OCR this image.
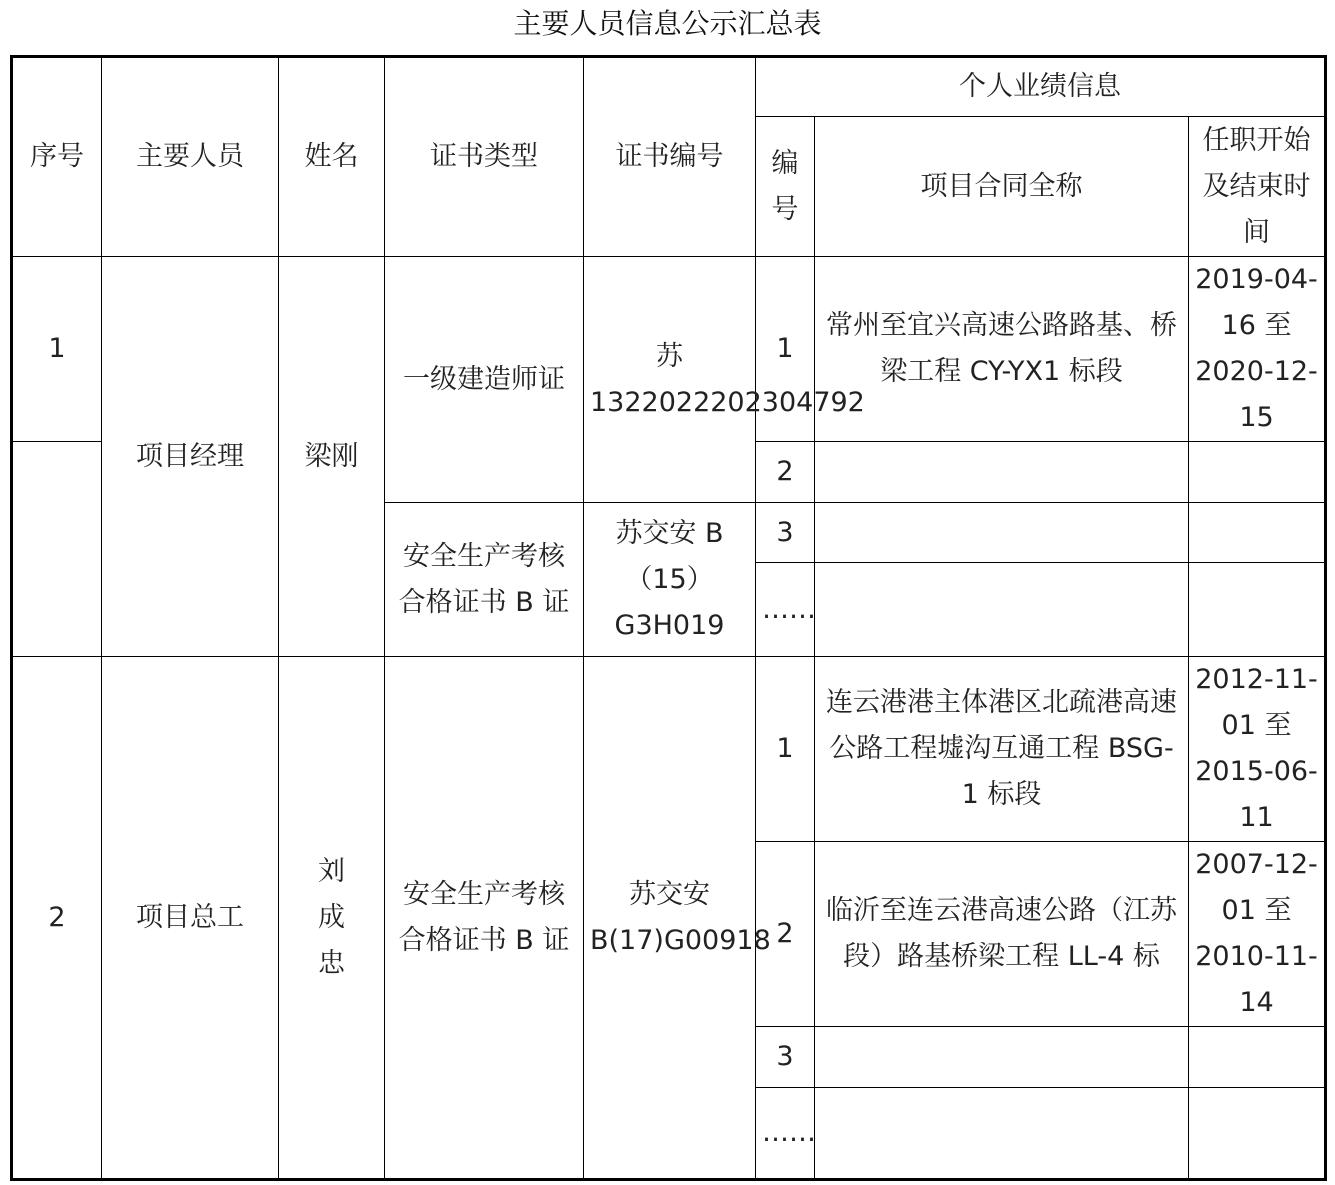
主要人员信息公示汇总表
序号	主要人员	姓名	证书类型	证书编号	个人业绩信息		
					编号	项目合同全称	任职开始及结束时间
1	项目经理	梁刚	一级建造师证	苏 1322022202304792	1	常州至宜兴高速公路路基、桥梁工程 CY-YX1 标段	2019-04-16 至 2020-12-15
					2		
			安全生产考核合格证书 B 证	苏交安 B（15）G3H019	3		
					……		
2	项目总工	刘成忠	安全生产考核合格证书 B 证	苏交安 B(17)G00918	1	连云港港主体港区北疏港高速公路工程墟沟互通工程 BSG-1 标段	2012-11-01 至 2015-06-11
					2	临沂至连云港高速公路（江苏段）路基桥梁工程 LL-4 标	2007-12-01 至 2010-11-14
					3		
					……		
